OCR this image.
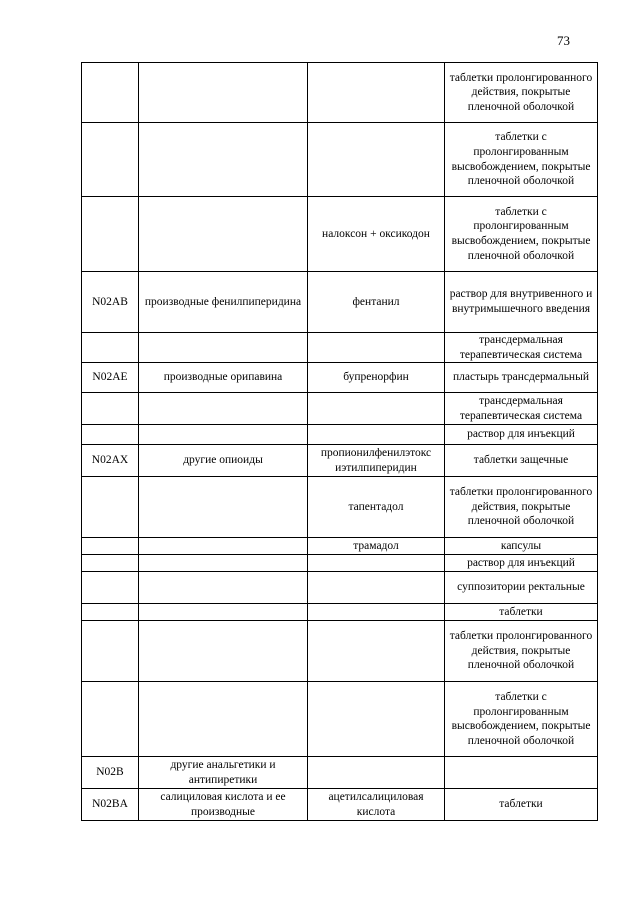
73
			таблетки пролонгированного действия, покрытые пленочной оболочкой
			таблетки с пролонгированным высвобождением, покрытые пленочной оболочкой
		налоксон + оксикодон	таблетки с пролонгированным высвобождением, покрытые пленочной оболочкой
N02AB	производные фенилпиперидина	фентанил	раствор для внутривенного и внутримышечного введения
			трансдермальная терапевтическая система
N02AE	производные орипавина	бупренорфин	пластырь трансдермальный
			трансдермальная терапевтическая система
			раствор для инъекций
N02AX	другие опиоиды	пропионилфенилэтокс иэтилпиперидин	таблетки защечные
		тапентадол	таблетки пролонгированного действия, покрытые пленочной оболочкой
		трамадол	капсулы
			раствор для инъекций
			суппозитории ректальные
			таблетки
			таблетки пролонгированного действия, покрытые пленочной оболочкой
			таблетки с пролонгированным высвобождением, покрытые пленочной оболочкой
N02B	другие анальгетики и антипиретики		
N02BA	салициловая кислота и ее производные	ацетилсалициловая кислота	таблетки
